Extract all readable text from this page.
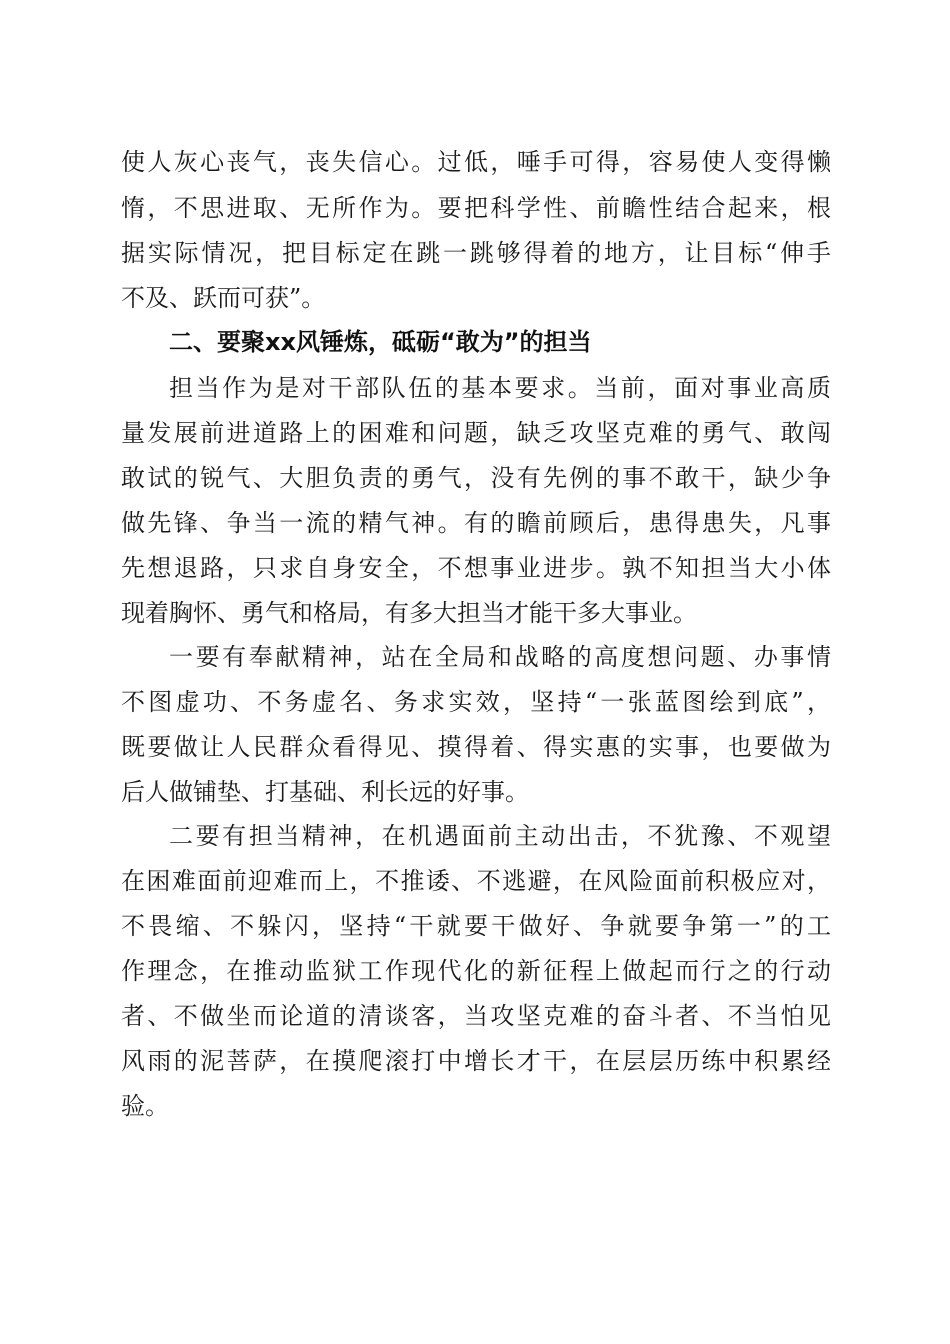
使人灰心丧气，丧失信心。过低，唾手可得，容易使人变得懒
惰，不思进取、无所作为。要把科学性、前瞻性结合起来，根
据实际情况，把目标定在跳一跳够得着的地方，让目标“伸手
不及、跃而可获”。
二、要聚xx风锤炼，砥砺“敢为”的担当
担当作为是对干部队伍的基本要求。当前，面对事业高质
量发展前进道路上的困难和问题，缺乏攻坚克难的勇气、敢闯
敢试的锐气、大胆负责的勇气，没有先例的事不敢干，缺少争
做先锋、争当一流的精气神。有的瞻前顾后，患得患失，凡事
先想退路，只求自身安全，不想事业进步。孰不知担当大小体
现着胸怀、勇气和格局，有多大担当才能干多大事业。
一要有奉献精神，站在全局和战略的高度想问题、办事情
不图虚功、不务虚名、务求实效，坚持“一张蓝图绘到底”，
既要做让人民群众看得见、摸得着、得实惠的实事，也要做为
后人做铺垫、打基础、利长远的好事。
二要有担当精神，在机遇面前主动出击，不犹豫、不观望
在困难面前迎难而上，不推诿、不逃避，在风险面前积极应对，
不畏缩、不躲闪，坚持“干就要干做好、争就要争第一”的工
作理念，在推动监狱工作现代化的新征程上做起而行之的行动
者、不做坐而论道的清谈客，当攻坚克难的奋斗者、不当怕见
风雨的泥菩萨，在摸爬滚打中增长才干，在层层历练中积累经
验。
